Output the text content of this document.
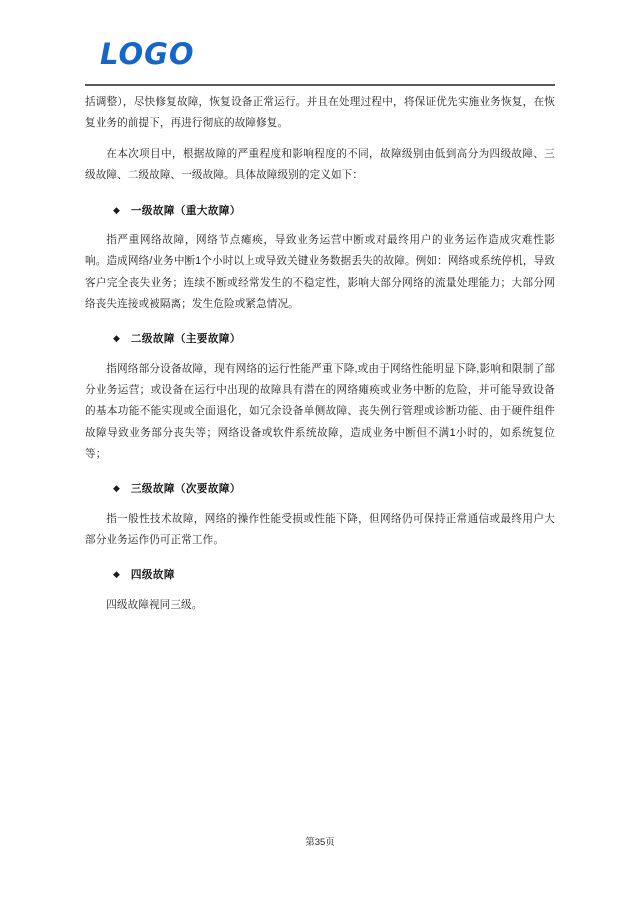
LOGO

括调整），尽快修复故障，恢复设备正常运行。并且在处理过程中，将保证优先实施业务恢复，在恢复业务的前提下，再进行彻底的故障修复。

在本次项目中，根据故障的严重程度和影响程度的不同，故障级别由低到高分为四级故障、三级故障、二级故障、一级故障。具体故障级别的定义如下：

◆ 一级故障（重大故障）

指严重网络故障，网络节点瘫痪，导致业务运营中断或对最终用户的业务运作造成灾难性影响。造成网络/业务中断1个小时以上或导致关键业务数据丢失的故障。例如：网络或系统停机，导致客户完全丧失业务；连续不断或经常发生的不稳定性，影响大部分网络的流量处理能力；大部分网络丧失连接或被隔离；发生危险或紧急情况。

◆ 二级故障（主要故障）

指网络部分设备故障，现有网络的运行性能严重下降,或由于网络性能明显下降,影响和限制了部分业务运营；或设备在运行中出现的故障具有潜在的网络瘫痪或业务中断的危险，并可能导致设备的基本功能不能实现或全面退化，如冗余设备单侧故障、丧失例行管理或诊断功能、由于硬件组件故障导致业务部分丧失等；网络设备或软件系统故障，造成业务中断但不满1小时的，如系统复位等；

◆ 三级故障（次要故障）

指一般性技术故障，网络的操作性能受损或性能下降，但网络仍可保持正常通信或最终用户大部分业务运作仍可正常工作。

◆ 四级故障

四级故障视同三级。

第35页
